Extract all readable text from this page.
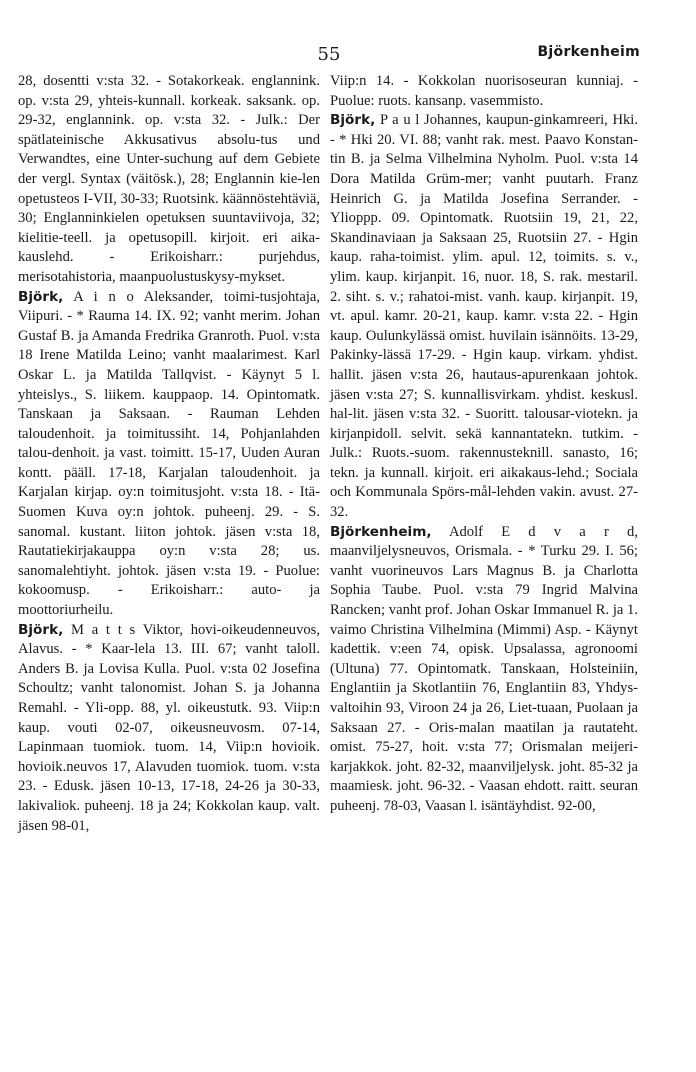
55	Björkenheim

28, dosentti v:sta 32. - Sotakorkeak. englannink. op. v:sta 29, yhteis-kunnall. korkeak. saksank. op. 29-32, englannink. op. v:sta 32. - Julk.: Der spätlateinische Akkusativus absolu-tus und Verwandtes, eine Unter-suchung auf dem Gebiete der vergl. Syntax (väitösk.), 28; Englannin kie-len opetusteos I-VII, 30-33; Ruotsink. käännöstehtäviä, 30; Englanninkielen opetuksen suuntaviivoja, 32; kielitie-teell. ja opetusopill. kirjoit. eri aika-kauslehd. - Erikoisharr.: purjehdus, merisotahistoria, maanpuolustuskysy-mykset.

Björk, A i n o Aleksander, toimi-tusjohtaja, Viipuri. - * Rauma 14. IX. 92; vanht merim. Johan Gustaf B. ja Amanda Fredrika Granroth. Puol. v:sta 18 Irene Matilda Leino; vanht maalarimest. Karl Oskar L. ja Matilda Tallqvist. - Käynyt 5 l. yhteislys., S. liikem. kauppaop. 14. Opintomatk. Tanskaan ja Saksaan. - Rauman Lehden taloudenhoit. ja toimitussiht. 14, Pohjanlahden talou-denhoit. ja vast. toimitt. 15-17, Uuden Auran kontt. pääll. 17-18, Karjalan taloudenhoit. ja Karjalan kirjap. oy:n toimitusjoht. v:sta 18. - Itä-Suomen Kuva oy:n johtok. puheenj. 29. - S. sanomal. kustant. liiton johtok. jäsen v:sta 18, Rautatiekirjakauppa oy:n v:sta 28; us. sanomalehtiyht. johtok. jäsen v:sta 19. - Puolue: kokoomusp. - Erikoisharr.: auto- ja moottoriurheilu.

Björk, M a t t s Viktor, hovi-oikeudenneuvos, Alavus. - * Kaar-lela 13. III. 67; vanht taloll. Anders B. ja Lovisa Kulla. Puol. v:sta 02 Josefina Schoultz; vanht talonomist. Johan S. ja Johanna Remahl. - Yli-opp. 88, yl. oikeustutk. 93. Viip:n kaup. vouti 02-07, oikeusneuvosm. 07-14, Lapinmaan tuomiok. tuom. 14, Viip:n hovioik. hovioik.neuvos 17, Alavuden tuomiok. tuom. v:sta 23. - Edusk. jäsen 10-13, 17-18, 24-26 ja 30-33, lakivaliok. puheenj. 18 ja 24; Kokkolan kaup. valt. jäsen 98-01,

Viip:n 14. - Kokkolan nuorisoseuran kunniaj. - Puolue: ruots. kansanp. vasemmisto.

Björk, P a u l Johannes, kaupun-ginkamreeri, Hki. - * Hki 20. VI. 88; vanht rak. mest. Paavo Konstan-tin B. ja Selma Vilhelmina Nyholm. Puol. v:sta 14 Dora Matilda Grüm-mer; vanht puutarh. Franz Heinrich G. ja Matilda Josefina Serrander. - Ylioppp. 09. Opintomatk. Ruotsiin 19, 21, 22, Skandinaviaan ja Saksaan 25, Ruotsiin 27. - Hgin kaup. raha-toimist. ylim. apul. 12, toimits. s. v., ylim. kaup. kirjanpit. 16, nuor. 18, S. rak. mestaril. 2. siht. s. v.; rahatoi-mist. vanh. kaup. kirjanpit. 19, vt. apul. kamr. 20-21, kaup. kamr. v:sta 22. - Hgin kaup. Oulunkylässä omist. huvilain isännöits. 13-29, Pakinky-lässä 17-29. - Hgin kaup. virkam. yhdist. hallit. jäsen v:sta 26, hautaus-apurenkaan johtok. jäsen v:sta 27; S. kunnallisvirkam. yhdist. keskusl. hal-lit. jäsen v:sta 32. - Suoritt. talousar-viotekn. ja kirjanpidoll. selvit. sekä kannantatekn. tutkim. - Julk.: Ruots.-suom. rakennusteknill. sanasto, 16; tekn. ja kunnall. kirjoit. eri aikakaus-lehd.; Sociala och Kommunala Spörs-mål-lehden vakin. avust. 27-32.

Björkenheim, Adolf E d v a r d, maanviljelysneuvos, Orismala. - * Turku 29. I. 56; vanht vuorineuvos Lars Magnus B. ja Charlotta Sophia Taube. Puol. v:sta 79 Ingrid Malvina Rancken; vanht prof. Johan Oskar Immanuel R. ja 1. vaimo Christina Vilhelmina (Mimmi) Asp. - Käynyt kadettik. v:een 74, opisk. Upsalassa, agronoomi (Ultuna) 77. Opintomatk. Tanskaan, Holsteiniin, Englantiin ja Skotlantiin 76, Englantiin 83, Yhdys-valtoihin 93, Viroon 24 ja 26, Liet-tuaan, Puolaan ja Saksaan 27. - Oris-malan maatilan ja rautateht. omist. 75-27, hoit. v:sta 77; Orismalan meijeri-karjakkok. joht. 82-32, maanviljelysk. joht. 85-32 ja maamiesk. joht. 96-32. - Vaasan ehdott. raitt. seuran puheenj. 78-03, Vaasan l. isäntäyhdist. 92-00,
